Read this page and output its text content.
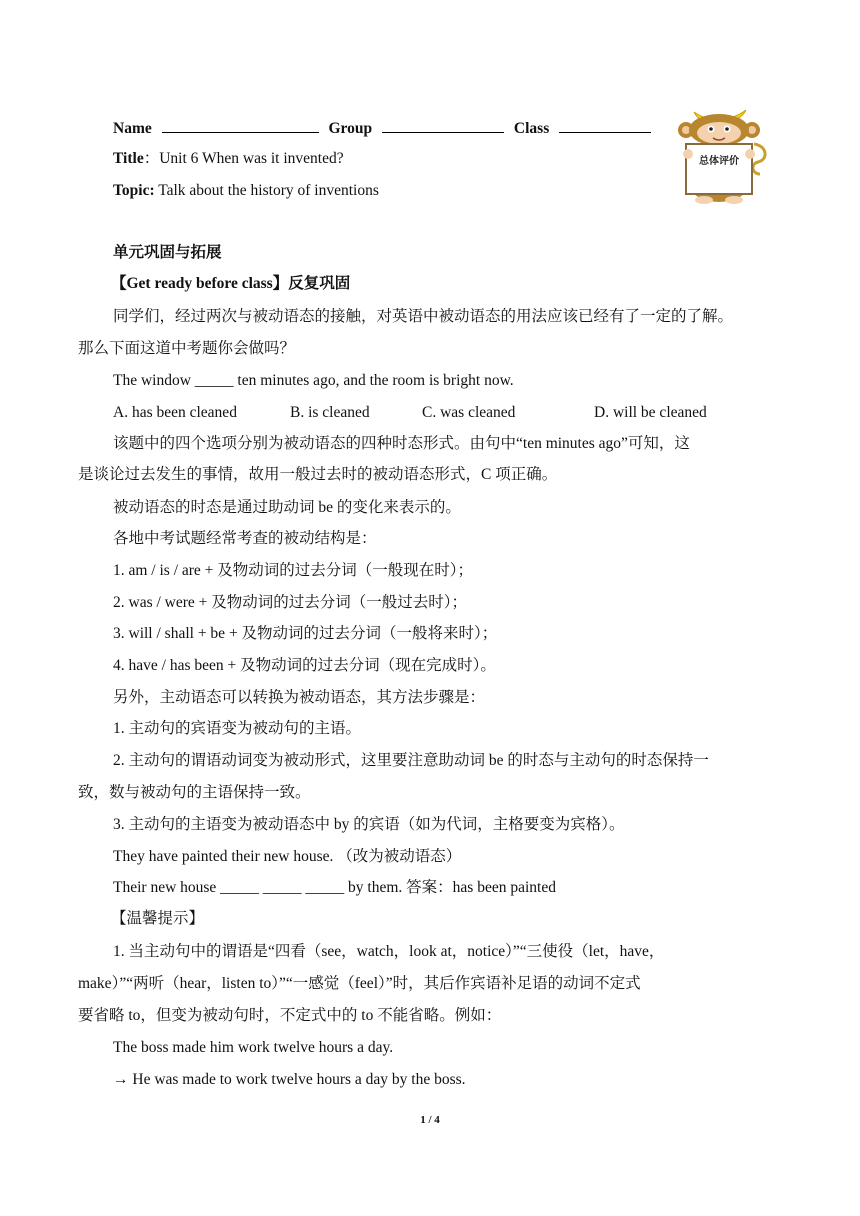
Name	Group	Class
Title：Unit 6 When was it invented?
Topic: Talk about the history of inventions
总体评价
单元巩固与拓展
【Get ready before class】反复巩固
同学们，经过两次与被动语态的接触，对英语中被动语态的用法应该已经有了一定的了解。
那么下面这道中考题你会做吗？
The window _____ ten minutes ago, and the room is bright now.
A. has been cleaned	B. is cleaned	C. was cleaned	D. will be cleaned
该题中的四个选项分别为被动语态的四种时态形式。由句中“ten minutes ago”可知，这
是谈论过去发生的事情，故用一般过去时的被动语态形式，C 项正确。
被动语态的时态是通过助动词 be 的变化来表示的。
各地中考试题经常考查的被动结构是：
1. am / is / are + 及物动词的过去分词（一般现在时）；
2. was / were + 及物动词的过去分词（一般过去时）；
3. will / shall + be + 及物动词的过去分词（一般将来时）；
4. have / has been + 及物动词的过去分词（现在完成时）。
另外，主动语态可以转换为被动语态，其方法步骤是：
1. 主动句的宾语变为被动句的主语。
2. 主动句的谓语动词变为被动形式，这里要注意助动词 be 的时态与主动句的时态保持一
致，数与被动句的主语保持一致。
3. 主动句的主语变为被动语态中 by 的宾语（如为代词，主格要变为宾格）。
They have painted their new house. （改为被动语态）
Their new house _____ _____ _____ by them. 答案：has been painted
【温馨提示】
1. 当主动句中的谓语是“四看（see，watch，look at，notice）”“三使役（let，have，
make）”“两听（hear，listen to）”“一感觉（feel）”时，其后作宾语补足语的动词不定式
要省略 to，但变为被动句时，不定式中的 to 不能省略。例如：
The boss made him work twelve hours a day.
→ He was made to work twelve hours a day by the boss.
1 / 4
